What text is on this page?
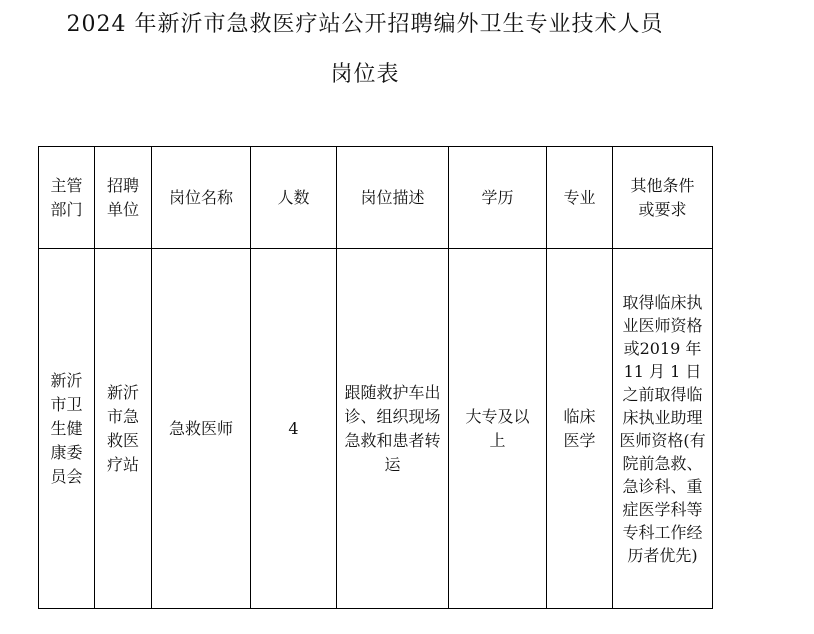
2024 年新沂市急救医疗站公开招聘编外卫生专业技术人员
岗位表
主管部门	招聘单位	岗位名称	人数	岗位描述	学历	专业	其他条件或要求
新沂市卫生健康委员会	新沂市急救医疗站	急救医师	4	跟随救护车出诊、组织现场急救和患者转运	大专及以上	临床医学	取得临床执业医师资格或2019 年 11 月 1 日之前取得临床执业助理医师资格(有院前急救、急诊科、重症医学科等专科工作经历者优先)
